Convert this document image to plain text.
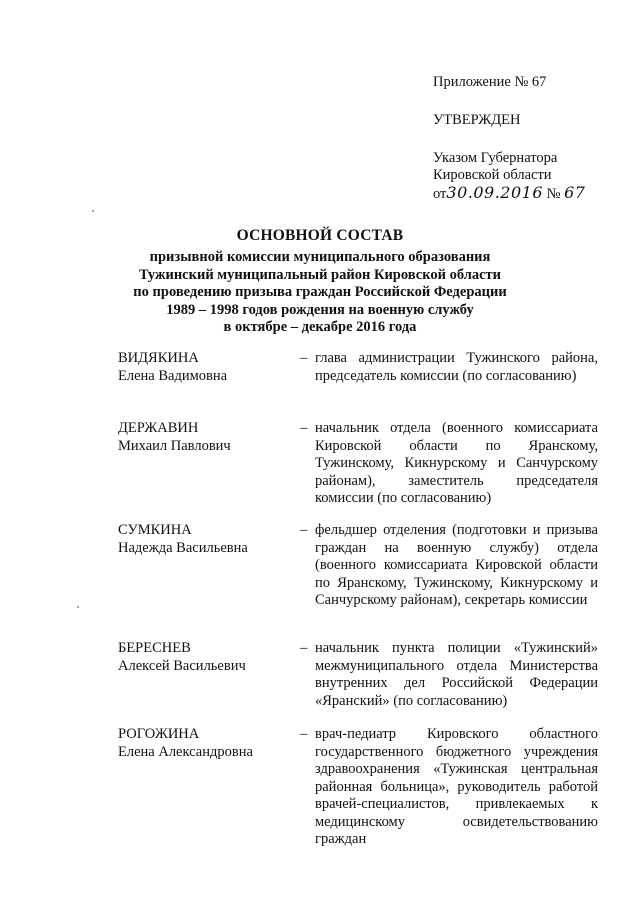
Приложение № 67
УТВЕРЖДЕН
Указом Губернатора
Кировской области
от30.09.2016 № 67
ОСНОВНОЙ СОСТАВ
призывной комиссии муниципального образования
Тужинский муниципальный район Кировской области
по проведению призыва граждан Российской Федерации
1989 – 1998 годов рождения на военную службу
в октябре – декабре 2016 года
ВИДЯКИНА
Елена Вадимовна
– глава администрации Тужинского района, председатель комиссии (по согласованию)
ДЕРЖАВИН
Михаил Павлович
– начальник отдела (военного комиссариата Кировской области по Яранскому, Тужинскому, Кикнурскому и Санчурскому районам), заместитель председателя комиссии (по согласованию)
СУМКИНА
Надежда Васильевна
– фельдшер отделения (подготовки и призыва граждан на военную службу) отдела (военного комиссариата Кировской области по Яранскому, Тужинскому, Кикнурскому и Санчурскому районам), секретарь комиссии
БЕРЕСНЕВ
Алексей Васильевич
– начальник пункта полиции «Тужинский» межмуниципального отдела Министерства внутренних дел Российской Федерации «Яранский» (по согласованию)
РОГОЖИНА
Елена Александровна
– врач-педиатр Кировского областного государственного бюджетного учреждения здравоохранения «Тужинская центральная районная больница», руководитель работой врачей-специалистов, привлекаемых к медицинскому освидетельствованию граждан
